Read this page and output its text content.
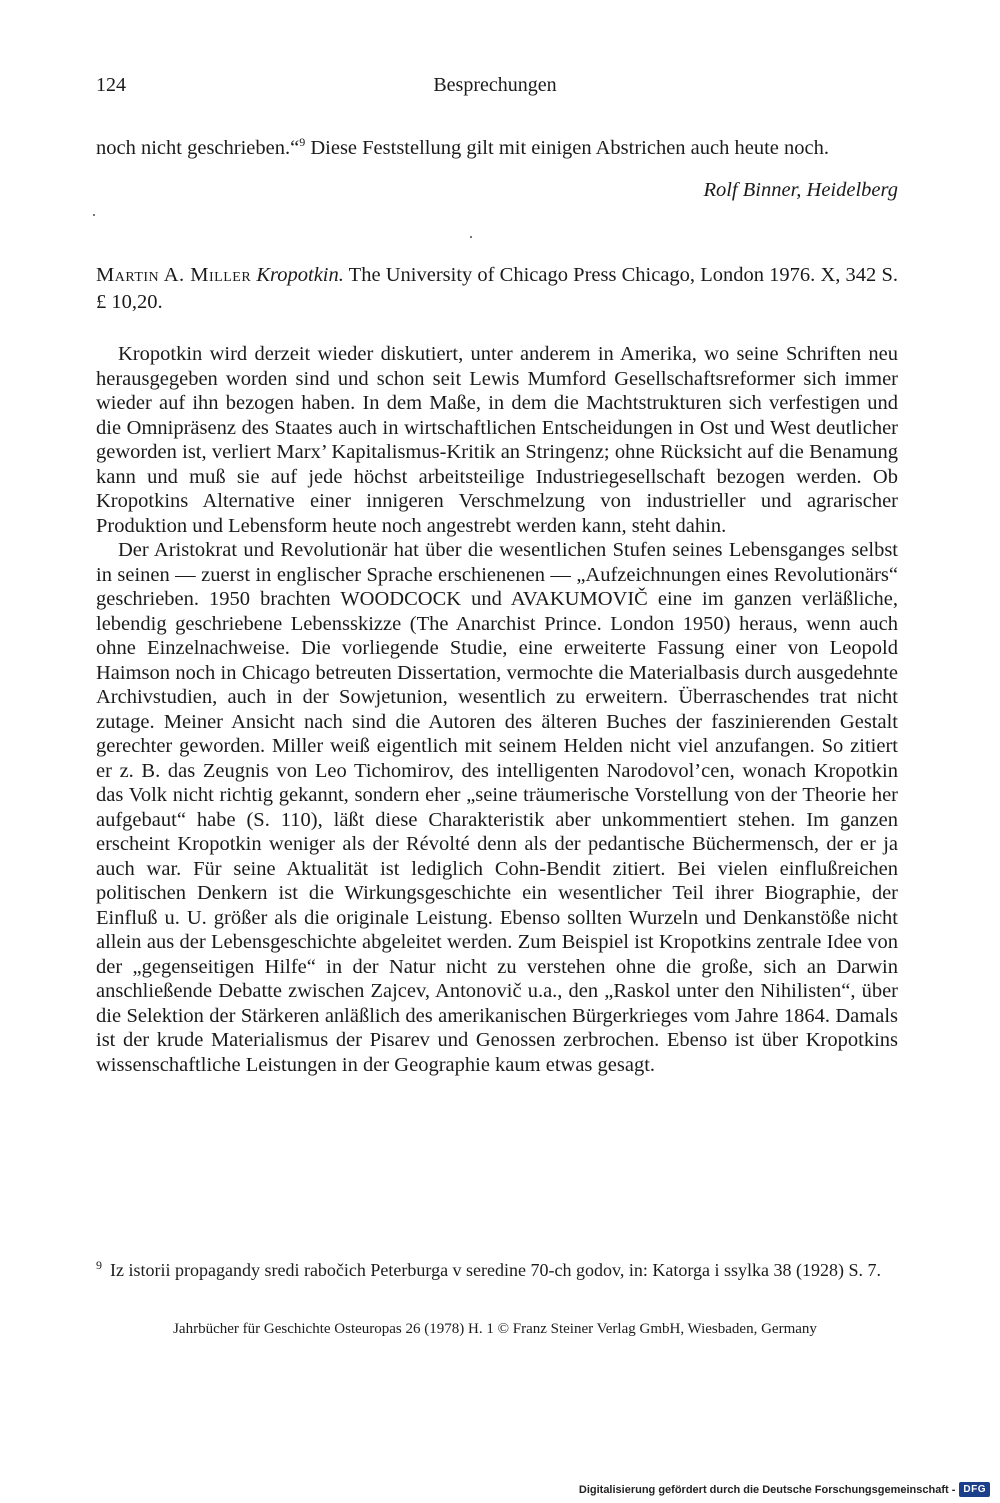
124	Besprechungen
noch nicht geschrieben.“$^9$ Diese Feststellung gilt mit einigen Abstrichen auch heute noch.
Rolf Binner, Heidelberg
Martin A. Miller Kropotkin. The University of Chicago Press Chicago, London 1976. X, 342 S. £ 10,20.

Kropotkin wird derzeit wieder diskutiert, unter anderem in Amerika, wo seine Schriften neu herausgegeben worden sind und schon seit Lewis Mumford Gesellschaftsreformer sich immer wieder auf ihn bezogen haben. In dem Maße, in dem die Machtstrukturen sich verfestigen und die Omnipräsenz des Staates auch in wirtschaftlichen Entscheidungen in Ost und West deutlicher geworden ist, verliert Marx’ Kapitalismus-Kritik an Stringenz; ohne Rücksicht auf die Benamung kann und muß sie auf jede höchst arbeitsteilige Industriegesellschaft bezogen werden. Ob Kropotkins Alternative einer innigeren Verschmelzung von industrieller und agrarischer Produktion und Lebensform heute noch angestrebt werden kann, steht dahin.

Der Aristokrat und Revolutionär hat über die wesentlichen Stufen seines Lebensganges selbst in seinen — zuerst in englischer Sprache erschienenen — „Aufzeichnungen eines Revolutionärs“ geschrieben. 1950 brachten WOODCOCK und AVAKUMOVIČ eine im ganzen verläßliche, lebendig geschriebene Lebensskizze (The Anarchist Prince. London 1950) heraus, wenn auch ohne Einzelnachweise. Die vorliegende Studie, eine erweiterte Fassung einer von Leopold Haimson noch in Chicago betreuten Dissertation, vermochte die Materialbasis durch ausgedehnte Archivstudien, auch in der Sowjetunion, wesentlich zu erweitern. Überraschendes trat nicht zutage. Meiner Ansicht nach sind die Autoren des älteren Buches der faszinierenden Gestalt gerechter geworden. Miller weiß eigentlich mit seinem Helden nicht viel anzufangen. So zitiert er z. B. das Zeugnis von Leo Tichomirov, des intelligenten Narodovol’cen, wonach Kropotkin das Volk nicht richtig gekannt, sondern eher „seine träumerische Vorstellung von der Theorie her aufgebaut“ habe (S. 110), läßt diese Charakteristik aber unkommentiert stehen. Im ganzen erscheint Kropotkin weniger als der Révolté denn als der pedantische Büchermensch, der er ja auch war. Für seine Aktualität ist lediglich Cohn-Bendit zitiert. Bei vielen einflußreichen politischen Denkern ist die Wirkungsgeschichte ein wesentlicher Teil ihrer Biographie, der Einfluß u. U. größer als die originale Leistung. Ebenso sollten Wurzeln und Denkanstöße nicht allein aus der Lebensgeschichte abgeleitet werden. Zum Beispiel ist Kropotkins zentrale Idee von der „gegenseitigen Hilfe“ in der Natur nicht zu verstehen ohne die große, sich an Darwin anschließende Debatte zwischen Zajcev, Antonovič u.a., den „Raskol unter den Nihilisten“, über die Selektion der Stärkeren anläßlich des amerikanischen Bürgerkrieges vom Jahre 1864. Damals ist der krude Materialismus der Pisarev und Genossen zerbrochen. Ebenso ist über Kropotkins wissenschaftliche Leistungen in der Geographie kaum etwas gesagt.

$^9$ Iz istorii propagandy sredi rabočich Peterburga v seredine 70-ch godov, in: Katorga i ssylka 38 (1928) S. 7.
Jahrbücher für Geschichte Osteuropas 26 (1978) H. 1 © Franz Steiner Verlag GmbH, Wiesbaden, Germany
Digitalisierung gefördert durch die Deutsche Forschungsgemeinschaft - DFG
